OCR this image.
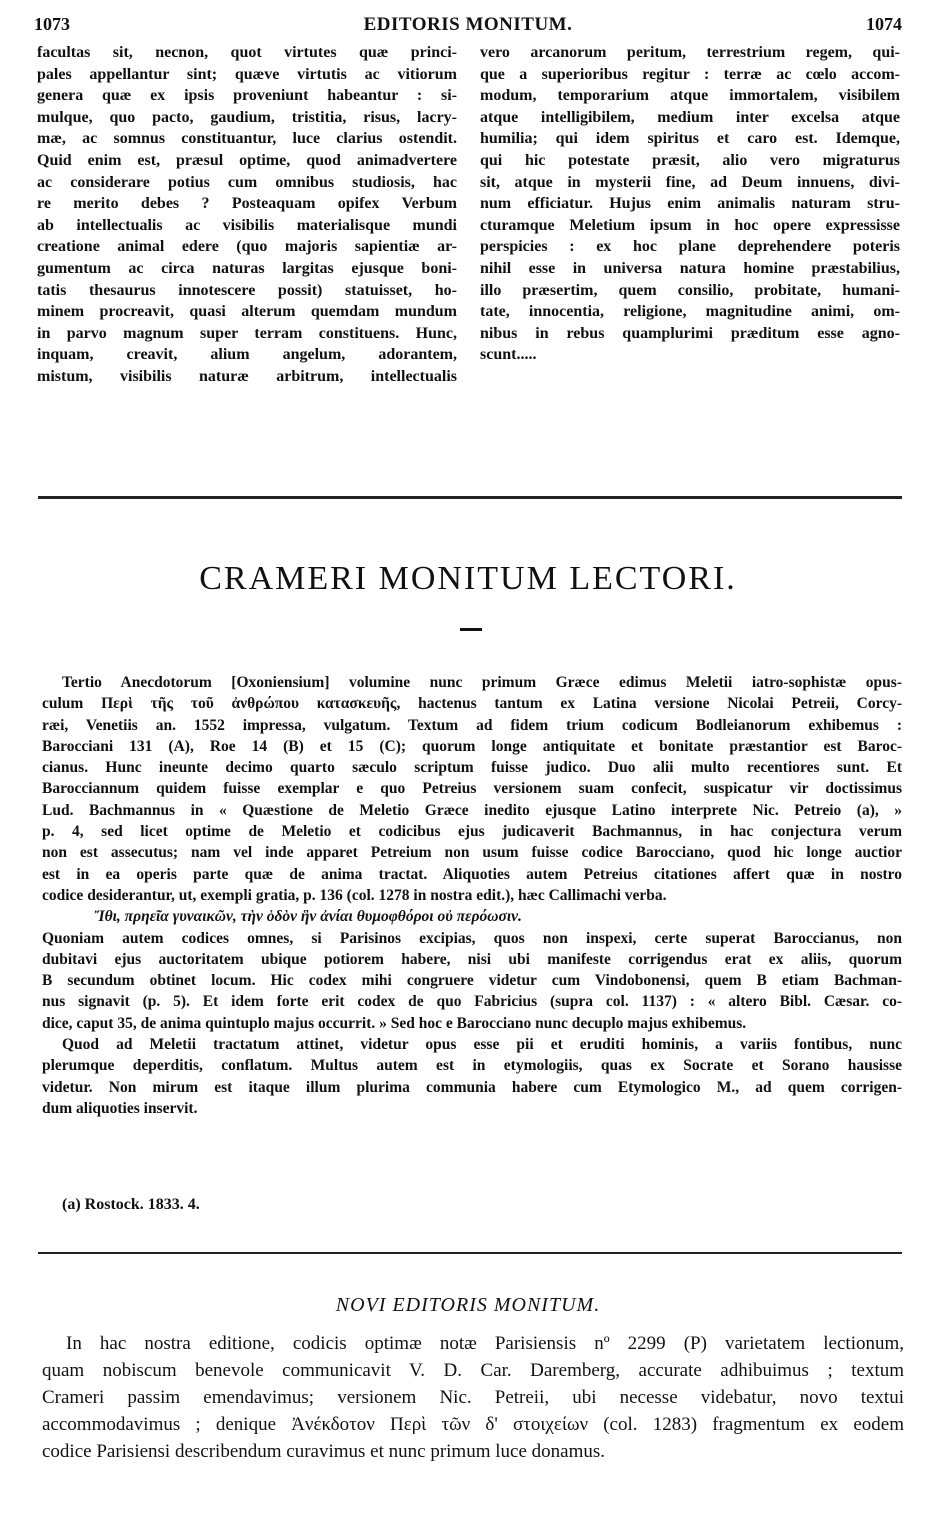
EDITORIS MONITUM.
1073	1074
facultas sit, necnon, quot virtutes quæ princi-
pales appellantur sint; quæve virtutis ac vitiorum
genera quæ ex ipsis proveniunt habeantur : si-
mulque, quo pacto, gaudium, tristitia, risus, lacry-
mæ, ac somnus constituantur, luce clarius ostendit.
Quid enim est, præsul optime, quod animadvertere
ac considerare potius cum omnibus studiosis, hac
re merito debes ? Posteaquam opifex Verbum
ab intellectualis ac visibilis materialisque mundi
creatione animal edere (quo majoris sapientiæ ar-
gumentum ac circa naturas largitas ejusque boni-
tatis thesaurus innotescere possit) statuisset, ho-
minem procreavit, quasi alterum quemdam mundum
in parvo magnum super terram constituens. Hunc,
inquam, creavit, alium angelum, adorantem,
mistum, visibilis naturæ arbitrum, intellectualis
vero arcanorum peritum, terrestrium regem, qui-
que a superioribus regitur : terræ ac cœlo accom-
modum, temporarium atque immortalem, visibilem
atque intelligibilem, medium inter excelsa atque
humilia; qui idem spiritus et caro est. Idemque,
qui hic potestate præsit, alio vero migraturus
sit, atque in mysterii fine, ad Deum innuens, divi-
num efficiatur. Hujus enim animalis naturam stru-
cturamque Meletium ipsum in hoc opere expressisse
perspicies : ex hoc plane deprehendere poteris
nihil esse in universa natura homine præstabilius,
illo præsertim, quem consilio, probitate, humani-
tate, innocentia, religione, magnitudine animi, om-
nibus in rebus quamplurimi præditum esse agno-
scunt.....
CRAMERI MONITUM LECTORI.
Tertio Anecdotorum [Oxoniensium] volumine nunc primum Græce edimus Meletii iatro-sophistæ opus-
culum Περὶ τῆς τοῦ ἀνθρώπου κατασκευῆς, hactenus tantum ex Latina versione Nicolai Petreii, Corcy-
ræi, Venetiis an. 1552 impressa, vulgatum. Textum ad fidem trium codicum Bodleianorum exhibemus :
Barocciani 131 (A), Roe 14 (B) et 15 (C); quorum longe antiquitate et bonitate præstantior est Baroc-
cianus. Hunc ineunte decimo quarto sæculo scriptum fuisse judico. Duo alii multo recentiores sunt. Et
Barocciannum quidem fuisse exemplar e quo Petreius versionem suam confecit, suspicatur vir doctissimus
Lud. Bachmannus in « Quæstione de Meletio Græce inedito ejusque Latino interprete Nic. Petreio (a), »
p. 4, sed licet optime de Meletio et codicibus ejus judicaverit Bachmannus, in hac conjectura verum
non est assecutus; nam vel inde apparet Petreium non usum fuisse codice Baroccianο, quod hic longe auctior
est in ea operis parte quæ de anima tractat. Aliquoties autem Petreius citationes affert quæ in nostro
codice desiderantur, ut, exempli gratia, p. 136 (col. 1278 in nostra edit.), hæc Callimachi verba.
Ἴθι, πρηεῖα γυναικῶν, τὴν ὁδὸν ἣν ἀνίαι θυμοφθόροι οὐ περόωσιν.
Quoniam autem codices omnes, si Parisinos excipias, quos non inspexi, certe superat Baroccianus, non
dubitavi ejus auctoritatem ubique potiorem habere, nisi ubi manifeste corrigendus erat ex aliis, quorum
B secundum obtinet locum. Hic codex mihi congruere videtur cum Vindobonensi, quem B etiam Bachman-
nus signavit (p. 5). Et idem forte erit codex de quo Fabricius (supra col. 1137) : « altero Bibl. Cæsar. co-
dice, caput 35, de anima quintuplo majus occurrit. » Sed hoc e Barocciano nunc decuplo majus exhibemus.
Quod ad Meletii tractatum attinet, videtur opus esse pii et eruditi hominis, a variis fontibus, nunc
plerumque deperditis, conflatum. Multus autem est in etymologiis, quas ex Socrate et Sorano hausisse
videtur. Non mirum est itaque illum plurima communia habere cum Etymologico M., ad quem corrigen-
dum aliquoties inservit.
(a) Rostock. 1833. 4.
NOVI EDITORIS MONITUM.
In hac nostra editione, codicis optimæ notæ Parisiensis nº 2299 (P) varietatem lectionum,
quam nobiscum benevole communicavit V. D. Car. Daremberg, accurate adhibuimus ; textum
Crameri passim emendavimus; versionem Nic. Petreii, ubi necesse videbatur, novo textui
accommodavimus ; denique Ἀνέκδοτον Περὶ τῶν δ' στοιχείων (col. 1283) fragmentum ex eodem
codice Parisiensi describendum curavimus et nunc primum luce donamus.
